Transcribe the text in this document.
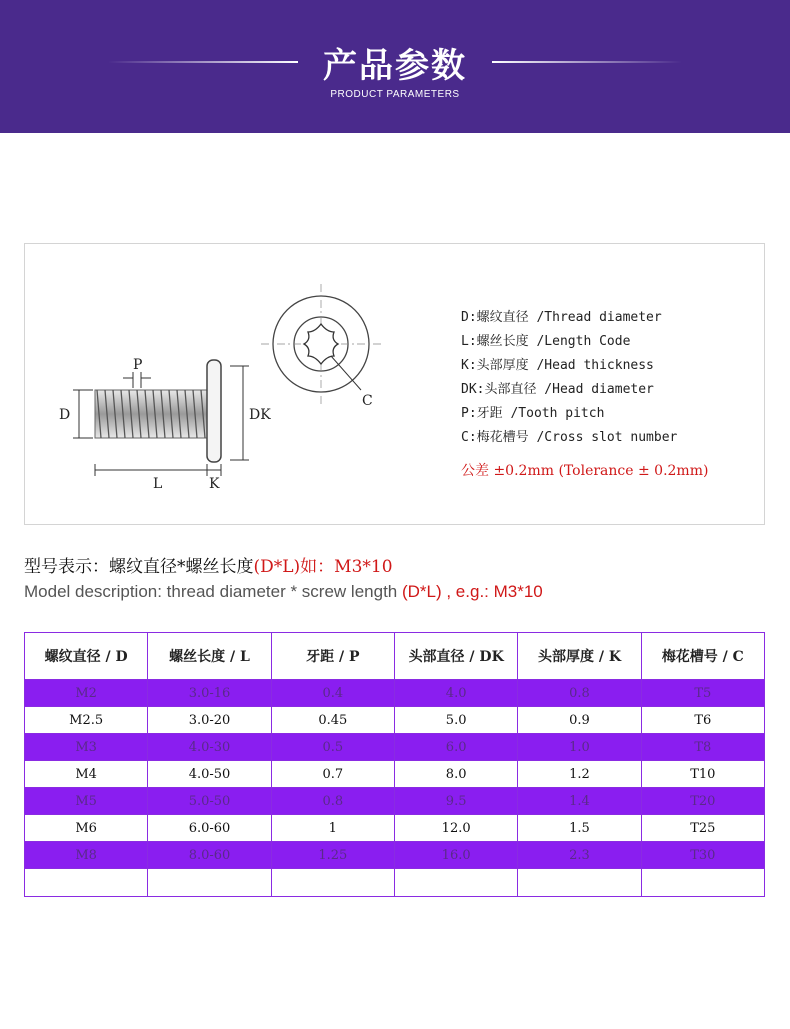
产品参数
PRODUCT PARAMETERS
P
D	DK
L	K
C
D:螺纹直径 /Thread diameter
L:螺丝长度 /Length Code
K:头部厚度 /Head thickness
DK:头部直径 /Head diameter
P:牙距 /Tooth pitch
C:梅花槽号 /Cross slot number
公差 ±0.2mm (Tolerance ± 0.2mm)
型号表示：螺纹直径*螺丝长度(D*L)如：M3*10
Model description: thread diameter * screw length (D*L) , e.g.: M3*10
螺纹直径 / D	螺丝长度 / L	牙距 / P	头部直径 / DK	头部厚度 / K	梅花槽号 / C
M2	3.0-16	0.4	4.0	0.8	T5
M2.5	3.0-20	0.45	5.0	0.9	T6
M3	4.0-30	0.5	6.0	1.0	T8
M4	4.0-50	0.7	8.0	1.2	T10
M5	5.0-50	0.8	9.5	1.4	T20
M6	6.0-60	1	12.0	1.5	T25
M8	8.0-60	1.25	16.0	2.3	T30
